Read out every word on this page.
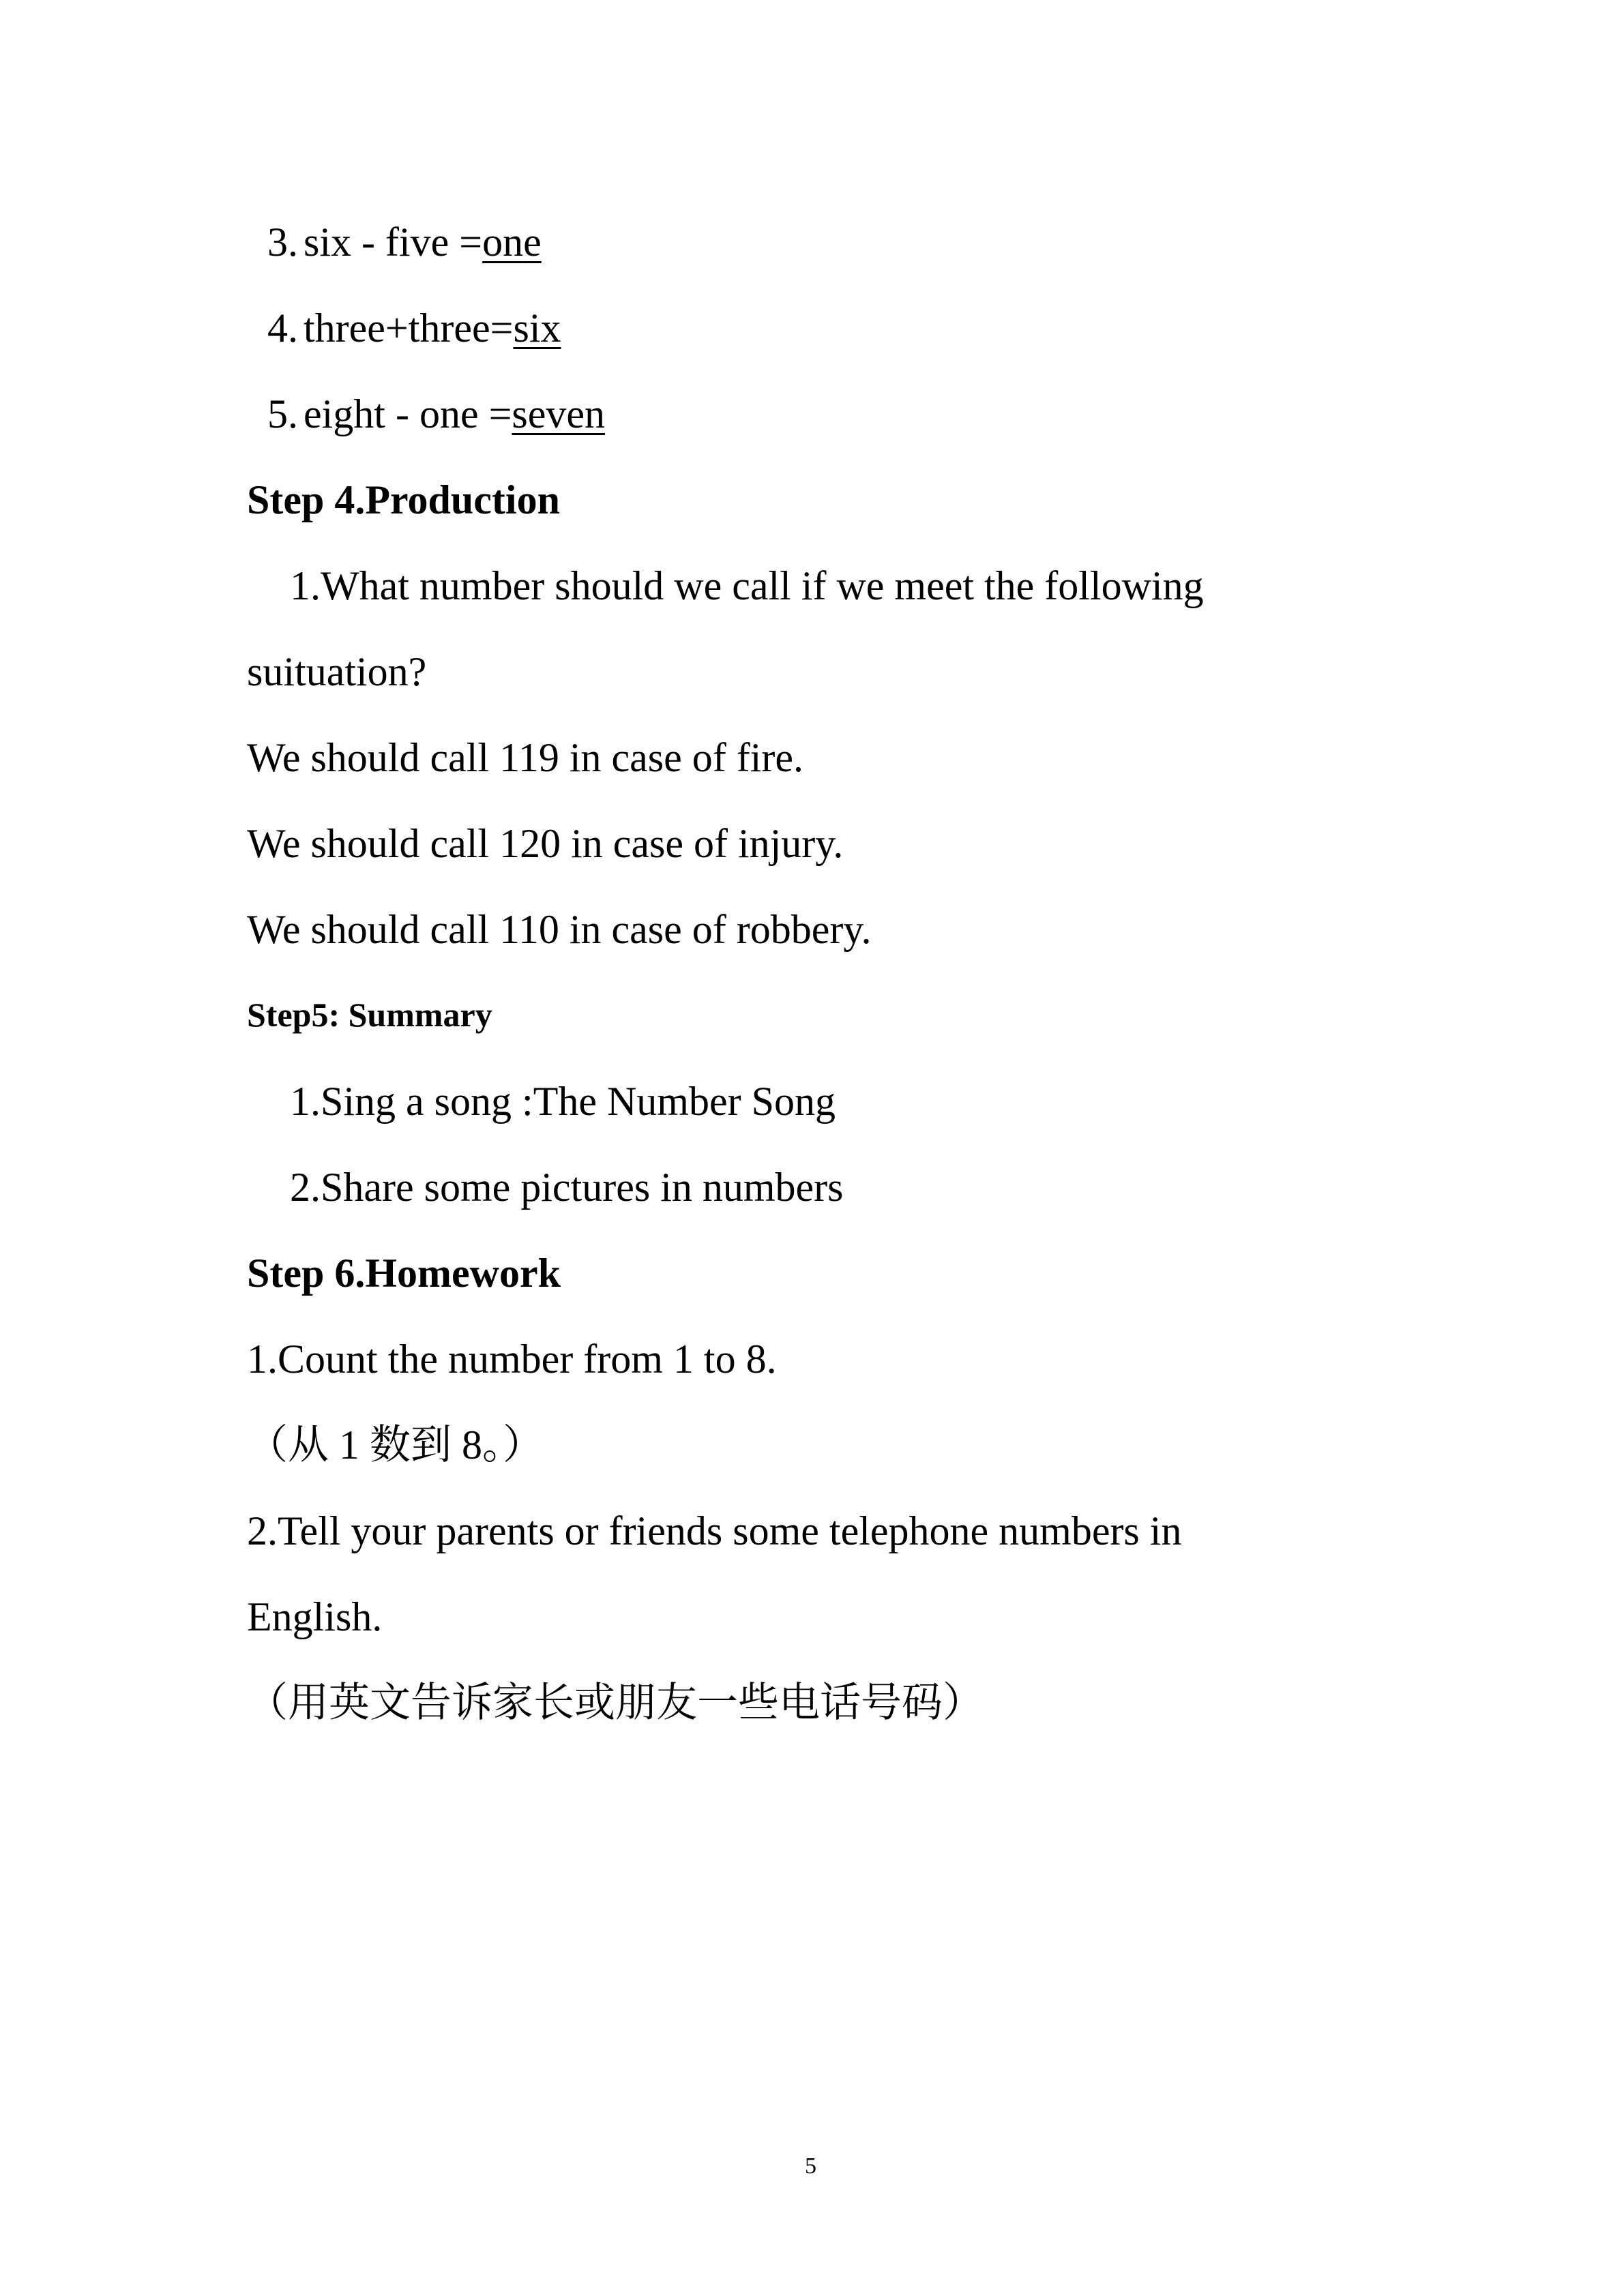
3. six - five =one
4. three+three=six
5. eight - one =seven
Step 4.Production
1.What number should we call if we meet the following
suituation?
We should call 119 in case of fire.
We should call 120 in case of injury.
We should call 110 in case of robbery.
Step5: Summary
1.Sing a song :The Number Song
2.Share some pictures in numbers
Step 6.Homework
1.Count the number from 1 to 8.
（从 1 数到 8。）
2.Tell your parents or friends some telephone numbers in
English.
（用英文告诉家长或朋友一些电话号码）
5
